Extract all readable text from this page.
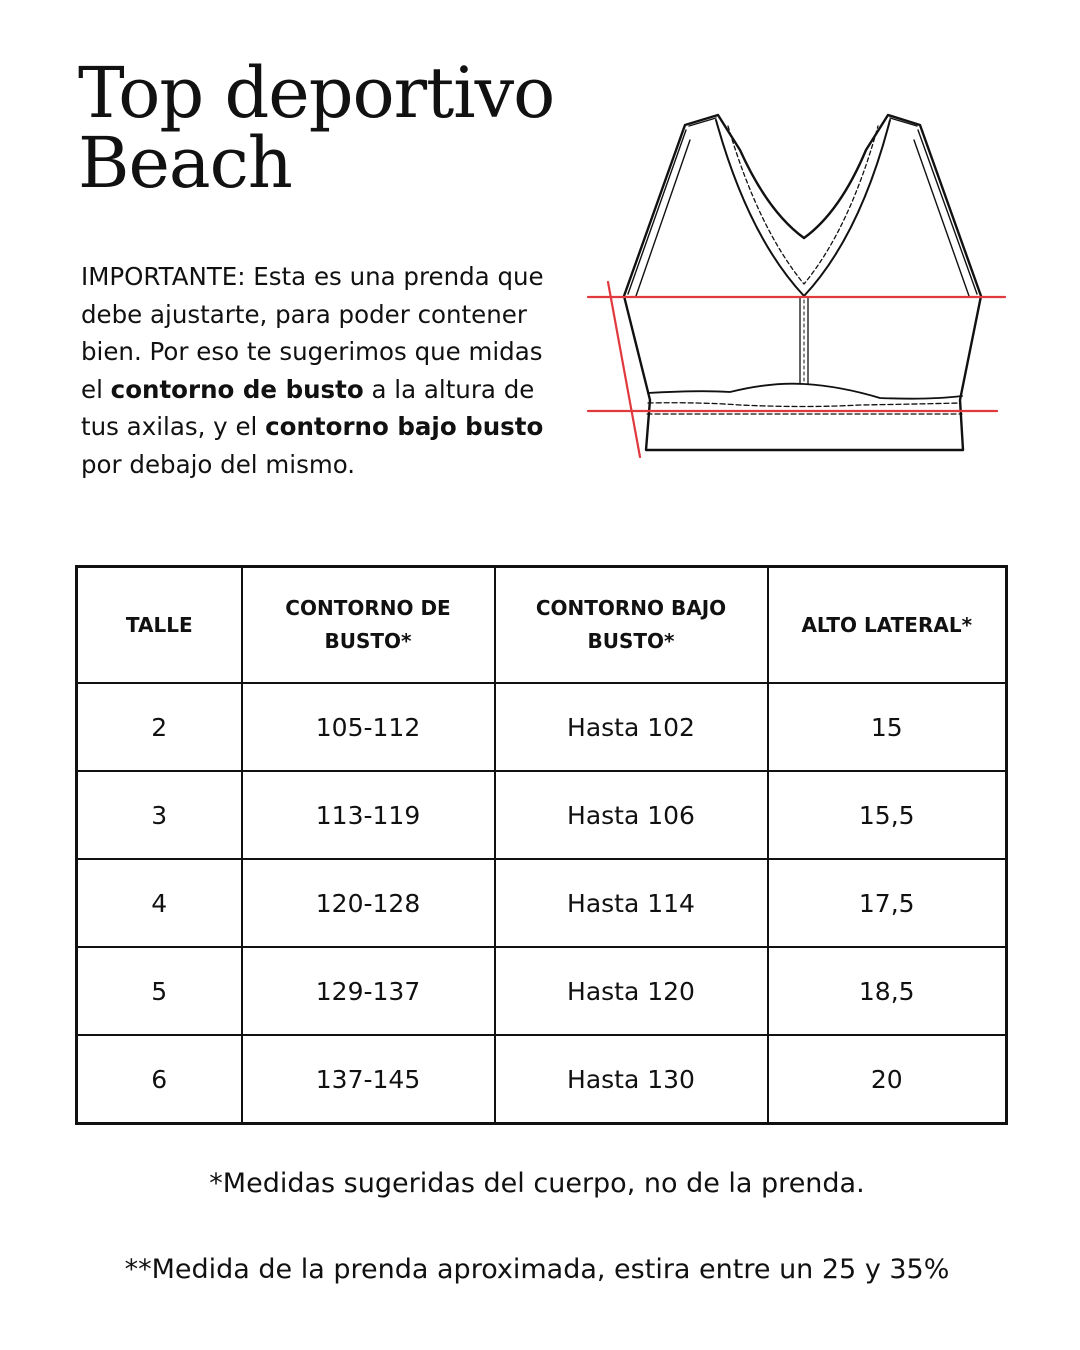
Top deportivo
Beach

IMPORTANTE: Esta es una prenda que debe ajustarte, para poder contener bien. Por eso te sugerimos que midas el contorno de busto a la altura de tus axilas, y el contorno bajo busto por debajo del mismo.

TALLE	CONTORNO DE BUSTO*	CONTORNO BAJO BUSTO*	ALTO LATERAL*
2	105-112	Hasta 102	15
3	113-119	Hasta 106	15,5
4	120-128	Hasta 114	17,5
5	129-137	Hasta 120	18,5
6	137-145	Hasta 130	20

*Medidas sugeridas del cuerpo, no de la prenda.

**Medida de la prenda aproximada, estira entre un 25 y 35%
